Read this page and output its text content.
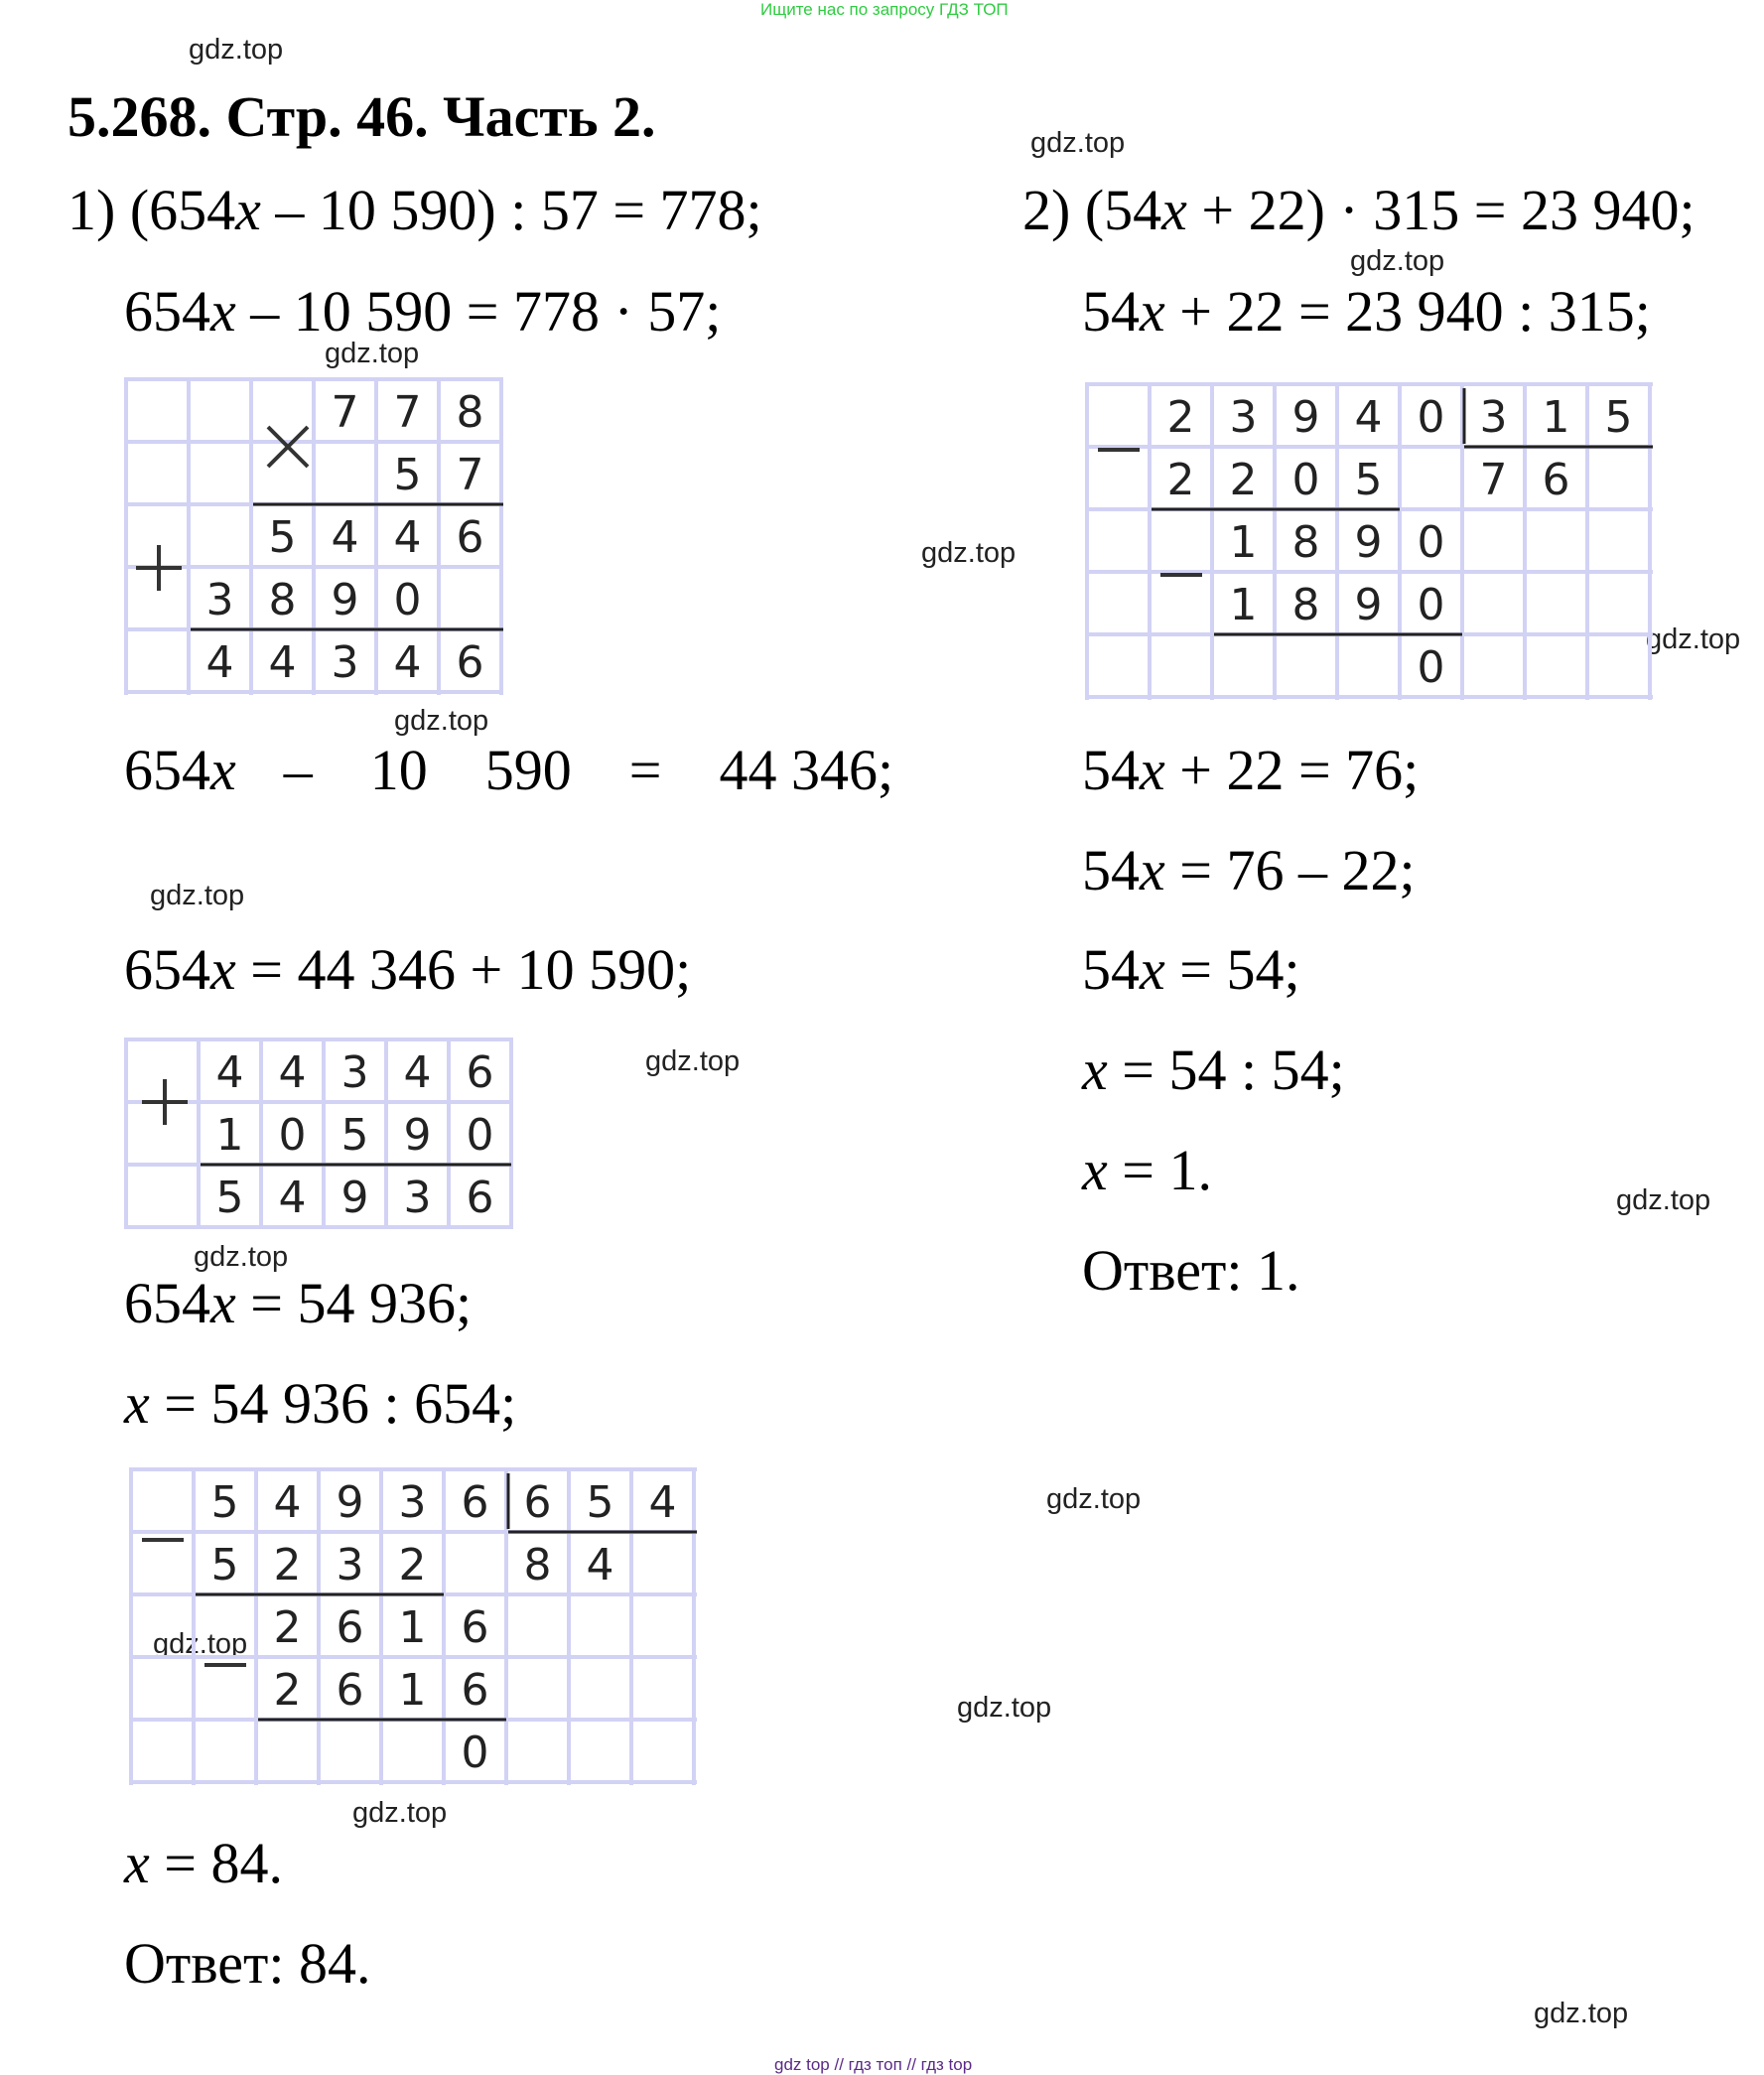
Ищите нас по запросу ГДЗ ТОП
5.268. Стр. 46. Часть 2.
gdz top // гдз топ // гдз top
gdz.top
gdz.top
gdz.top
gdz.top
gdz.top
gdz.top
gdz.top
gdz.top
gdz.top
gdz.top
gdz.top
gdz.top
gdz.top
gdz.top
gdz.top
gdz.top
1) (654x – 10 590) : 57 = 778;
654x – 10 590 = 778 · 57;
7 7 8
5 7
5 4 4 6
3 8 9 0
4 4 3 4 6
654x – 10 590 = 44 346;
654x = 44 346 + 10 590;
4 4 3 4 6
1 0 5 9 0
5 4 9 3 6
654x = 54 936;
x = 54 936 : 654;
5 4 9 3 6 6 5 4
5 2 3 2 8 4
2 6 1 6
2 6 1 6
0
x = 84.
Ответ: 84.
2) (54x + 22) · 315 = 23 940;
54x + 22 = 23 940 : 315;
2 3 9 4 0 3 1 5
2 2 0 5 7 6
1 8 9 0
1 8 9 0
0
54x + 22 = 76;
54x = 76 – 22;
54x = 54;
x = 54 : 54;
x = 1.
Ответ: 1.
